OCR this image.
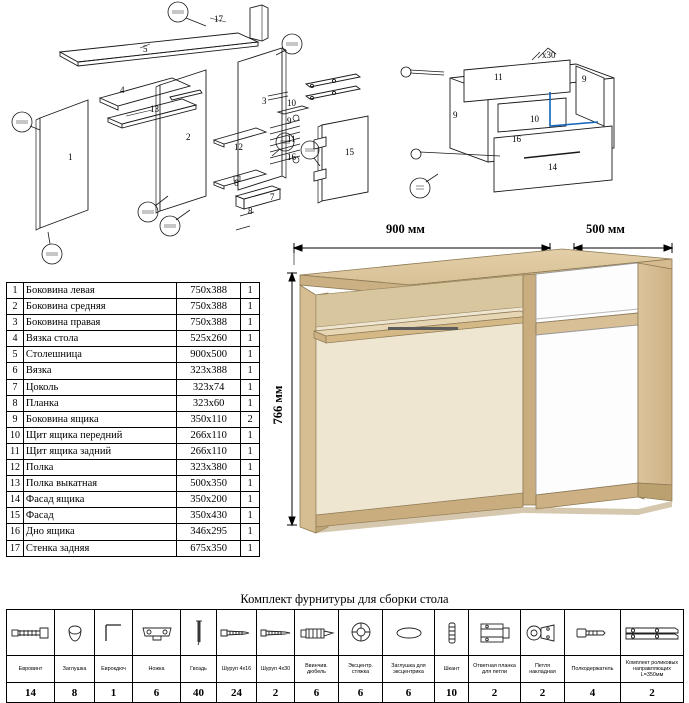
17
5
4
13
2
1
3
12
6
7
8
10
9
11
16	15
11	9
9	10
14
16
x30
1	Боковина левая	750x388	1
2	Боковина средняя	750x388	1
3	Боковина правая	750x388	1
4	Вязка стола	525x260	1
5	Столешница	900x500	1
6	Вязка	323x388	1
7	Цоколь	323x74	1
8	Планка	323x60	1
9	Боковина ящика	350x110	2
10	Щит ящика передний	266x110	1
11	Щит ящика задний	266x110	1
12	Полка	323x380	1
13	Полка выкатная	500x350	1
14	Фасад ящика	350x200	1
15	Фасад	350x430	1
16	Дно ящика	346x295	1
17	Стенка задняя	675x350	1
900 мм	500 мм
766 мм
Комплект фурнитуры для сборки стола

Евровинт	Заглушка	Еврокдюч	Ножка	Гвоздь	Шуруп 4x16	Шуруп 4x30	Ввинчив. дюбель	Эксцентр. стяжка	Заглушка для эксцентрика	Шкант	Ответная планка для петли	Петля накладная	Полкодержатель	Комплект роликовых направляющих L=350мм
14	8	1	6	40	24	2	6	6	6	10	2	2	4	2
